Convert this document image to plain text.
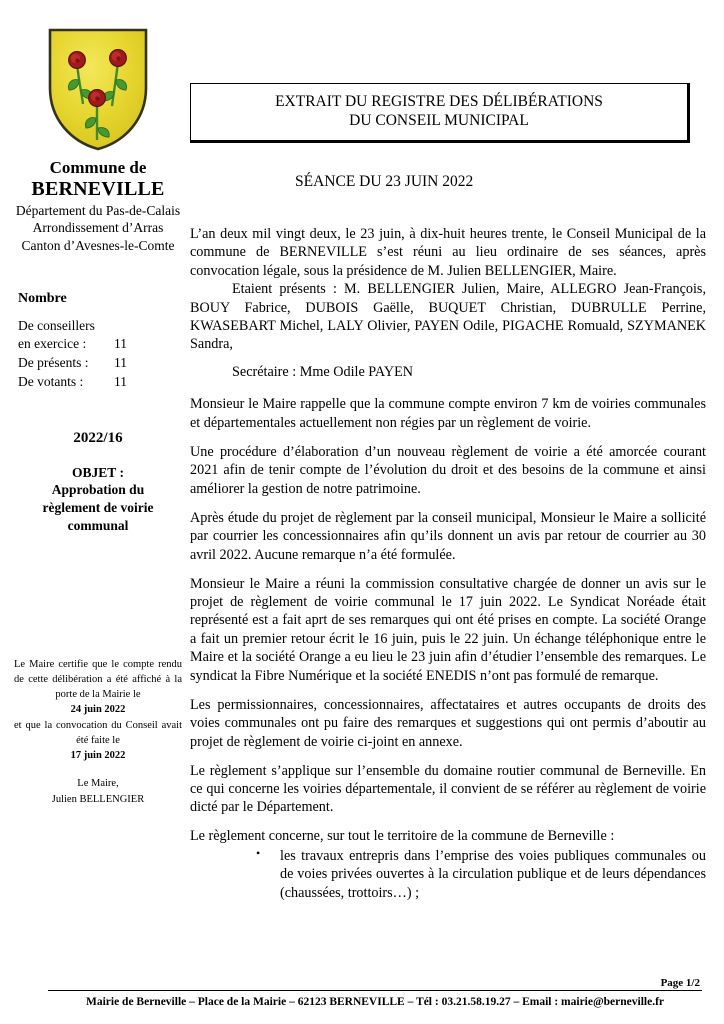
Commune de
BERNEVILLE
Département du Pas-de-Calais
Arrondissement d’Arras
Canton d’Avesnes-le-Comte
Nombre
De conseillers
en exercice :	11
De présents :	11
De votants :	11
2022/16
OBJET :
Approbation du
règlement de voirie
communal

Le Maire certifie que le compte rendu de cette délibération a été affiché à la porte de la Mairie le

24 juin 2022

et que la convocation du Conseil avait été faite le

17 juin 2022

Le Maire,
Julien BELLENGIER
EXTRAIT DU REGISTRE DES DÉLIBÉRATIONS
DU CONSEIL MUNICIPAL
SÉANCE DU 23 JUIN 2022

L’an deux mil vingt deux, le 23 juin, à dix-huit heures trente, le Conseil Municipal de la commune de BERNEVILLE s’est réuni au lieu ordinaire de ses séances, après convocation légale, sous la présidence de M. Julien BELLENGIER, Maire.

Etaient présents : M. BELLENGIER Julien, Maire, ALLEGRO Jean-François, BOUY Fabrice, DUBOIS Gaëlle, BUQUET Christian, DUBRULLE Perrine, KWASEBART Michel, LALY Olivier, PAYEN Odile, PIGACHE Romuald, SZYMANEK Sandra,

Secrétaire : Mme Odile PAYEN

Monsieur le Maire rappelle que la commune compte environ 7 km de voiries communales et départementales actuellement non régies par un règlement de voirie.

Une procédure d’élaboration d’un nouveau règlement de voirie a été amorcée courant 2021 afin de tenir compte de l’évolution du droit et des besoins de la commune et ainsi améliorer la gestion de notre patrimoine.

Après étude du projet de règlement par la conseil municipal, Monsieur le Maire a sollicité par courrier les concessionnaires afin qu’ils donnent un avis par retour de courrier au 30 avril 2022. Aucune remarque n’a été formulée.

Monsieur le Maire a réuni la commission consultative chargée de donner un avis sur le projet de règlement de voirie communal le 17 juin 2022. Le Syndicat Noréade était représenté est a fait aprt de ses remarques qui ont été prises en compte. La société Orange a fait un premier retour écrit le 16 juin, puis le 22 juin. Un échange téléphonique entre le Maire et la société Orange a eu lieu le 23 juin afin d’étudier l’ensemble des remarques. Le syndicat la Fibre Numérique et la société ENEDIS n’ont pas formulé de remarque.

Les permissionnaires, concessionnaires, affectataires et autres occupants de droits des voies communales ont pu faire des remarques et suggestions qui ont permis d’aboutir au projet de règlement de voirie ci-joint en annexe.

Le règlement s’applique sur l’ensemble du domaine routier communal de Berneville. En ce qui concerne les voiries départementale, il convient de se référer au règlement de voirie dicté par le Département.

Le règlement concerne, sur tout le territoire de la commune de Berneville :

• les travaux entrepris dans l’emprise des voies publiques communales ou de voies privées ouvertes à la circulation publique et de leurs dépendances (chaussées, trottoirs…) ;
Page 1/2
Mairie de Berneville – Place de la Mairie – 62123 BERNEVILLE – Tél : 03.21.58.19.27 – Email : mairie@berneville.fr
